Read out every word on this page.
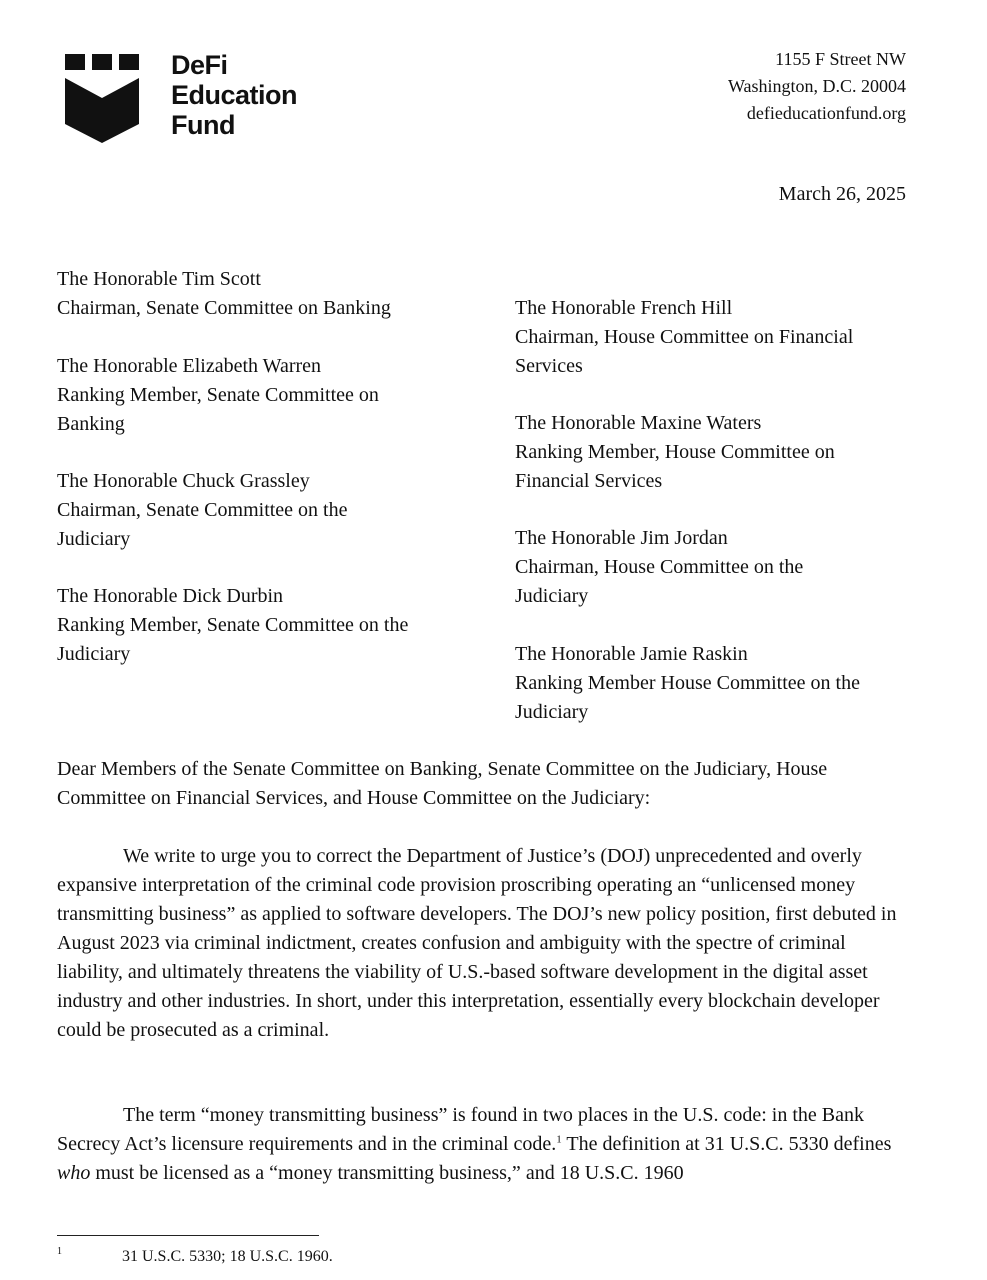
DeFi
Education
Fund
1155 F Street NW
Washington, D.C. 20004
defieducationfund.org
March 26, 2025
The Honorable Tim Scott
Chairman, Senate Committee on Banking
The Honorable Elizabeth Warren
Ranking Member, Senate Committee on Banking
The Honorable Chuck Grassley
Chairman, Senate Committee on the Judiciary
The Honorable Dick Durbin
Ranking Member, Senate Committee on the Judiciary
The Honorable French Hill
Chairman, House Committee on Financial Services
The Honorable Maxine Waters
Ranking Member, House Committee on Financial Services
The Honorable Jim Jordan
Chairman, House Committee on the Judiciary
The Honorable Jamie Raskin
Ranking Member House Committee on the Judiciary
Dear Members of the Senate Committee on Banking, Senate Committee on the Judiciary, House Committee on Financial Services, and House Committee on the Judiciary:
We write to urge you to correct the Department of Justice’s (DOJ) unprecedented and overly expansive interpretation of the criminal code provision proscribing operating an “unlicensed money transmitting business” as applied to software developers. The DOJ’s new policy position, first debuted in August 2023 via criminal indictment, creates confusion and ambiguity with the spectre of criminal liability, and ultimately threatens the viability of U.S.-based software development in the digital asset industry and other industries. In short, under this interpretation, essentially every blockchain developer could be prosecuted as a criminal.
The term “money transmitting business” is found in two places in the U.S. code: in the Bank Secrecy Act’s licensure requirements and in the criminal code.$^1$ The definition at 31 U.S.C. 5330 defines who must be licensed as a “money transmitting business,” and 18 U.S.C. 1960
1	31 U.S.C. 5330; 18 U.S.C. 1960.
